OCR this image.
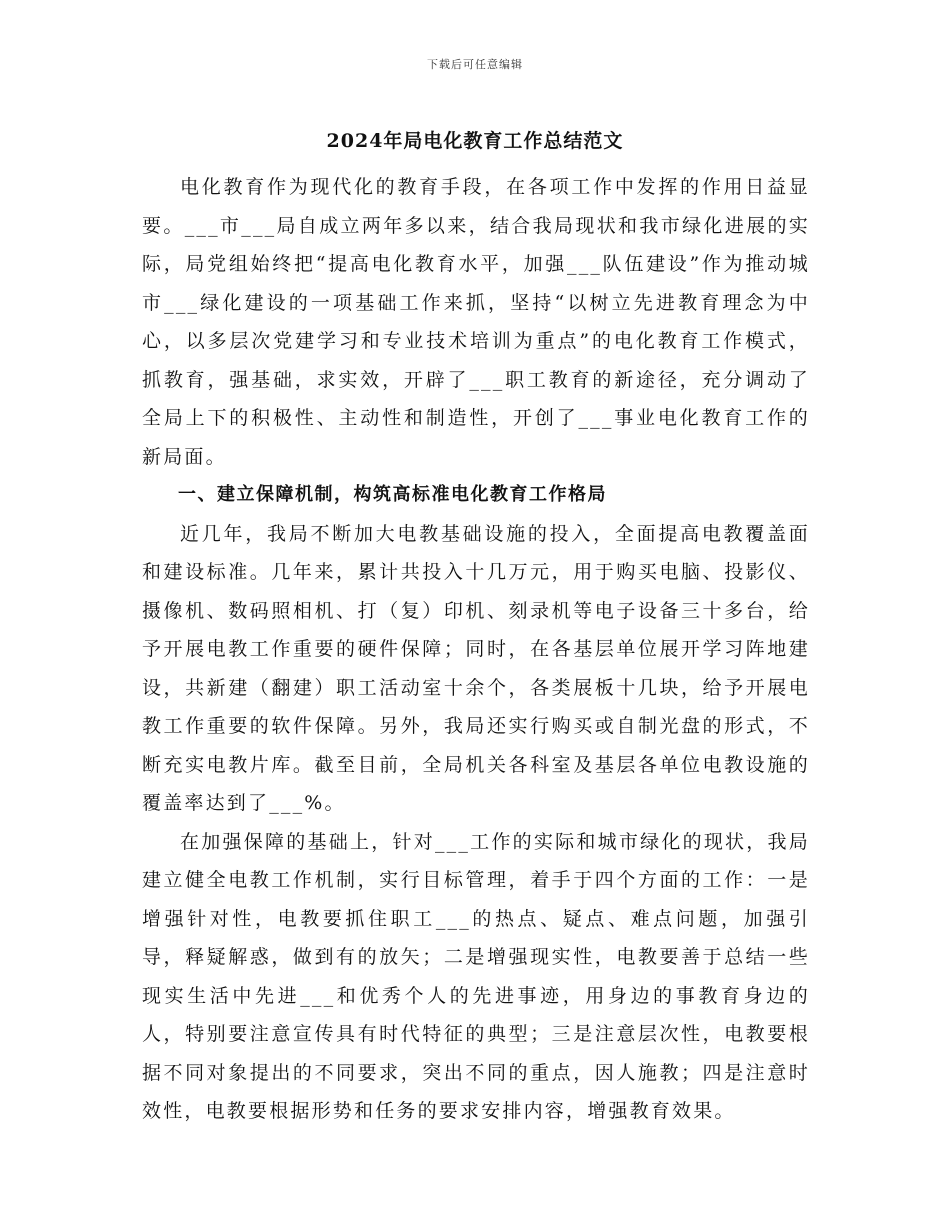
下载后可任意编辑
2024年局电化教育工作总结范文

电化教育作为现代化的教育手段，在各项工作中发挥的作用日益显要。___市___局自成立两年多以来，结合我局现状和我市绿化进展的实际，局党组始终把“提高电化教育水平，加强___队伍建设”作为推动城市___绿化建设的一项基础工作来抓，坚持“以树立先进教育理念为中心，以多层次党建学习和专业技术培训为重点”的电化教育工作模式，抓教育，强基础，求实效，开辟了___职工教育的新途径，充分调动了全局上下的积极性、主动性和制造性，开创了___事业电化教育工作的新局面。

一、建立保障机制，构筑高标准电化教育工作格局

近几年，我局不断加大电教基础设施的投入，全面提高电教覆盖面和建设标准。几年来，累计共投入十几万元，用于购买电脑、投影仪、摄像机、数码照相机、打（复）印机、刻录机等电子设备三十多台，给予开展电教工作重要的硬件保障；同时，在各基层单位展开学习阵地建设，共新建（翻建）职工活动室十余个，各类展板十几块，给予开展电教工作重要的软件保障。另外，我局还实行购买或自制光盘的形式，不断充实电教片库。截至目前，全局机关各科室及基层各单位电教设施的覆盖率达到了___%。

在加强保障的基础上，针对___工作的实际和城市绿化的现状，我局建立健全电教工作机制，实行目标管理，着手于四个方面的工作：一是增强针对性，电教要抓住职工___的热点、疑点、难点问题，加强引导，释疑解惑，做到有的放矢；二是增强现实性，电教要善于总结一些现实生活中先进___和优秀个人的先进事迹，用身边的事教育身边的人，特别要注意宣传具有时代特征的典型；三是注意层次性，电教要根据不同对象提出的不同要求，突出不同的重点，因人施教；四是注意时效性，电教要根据形势和任务的要求安排内容，增强教育效果。
